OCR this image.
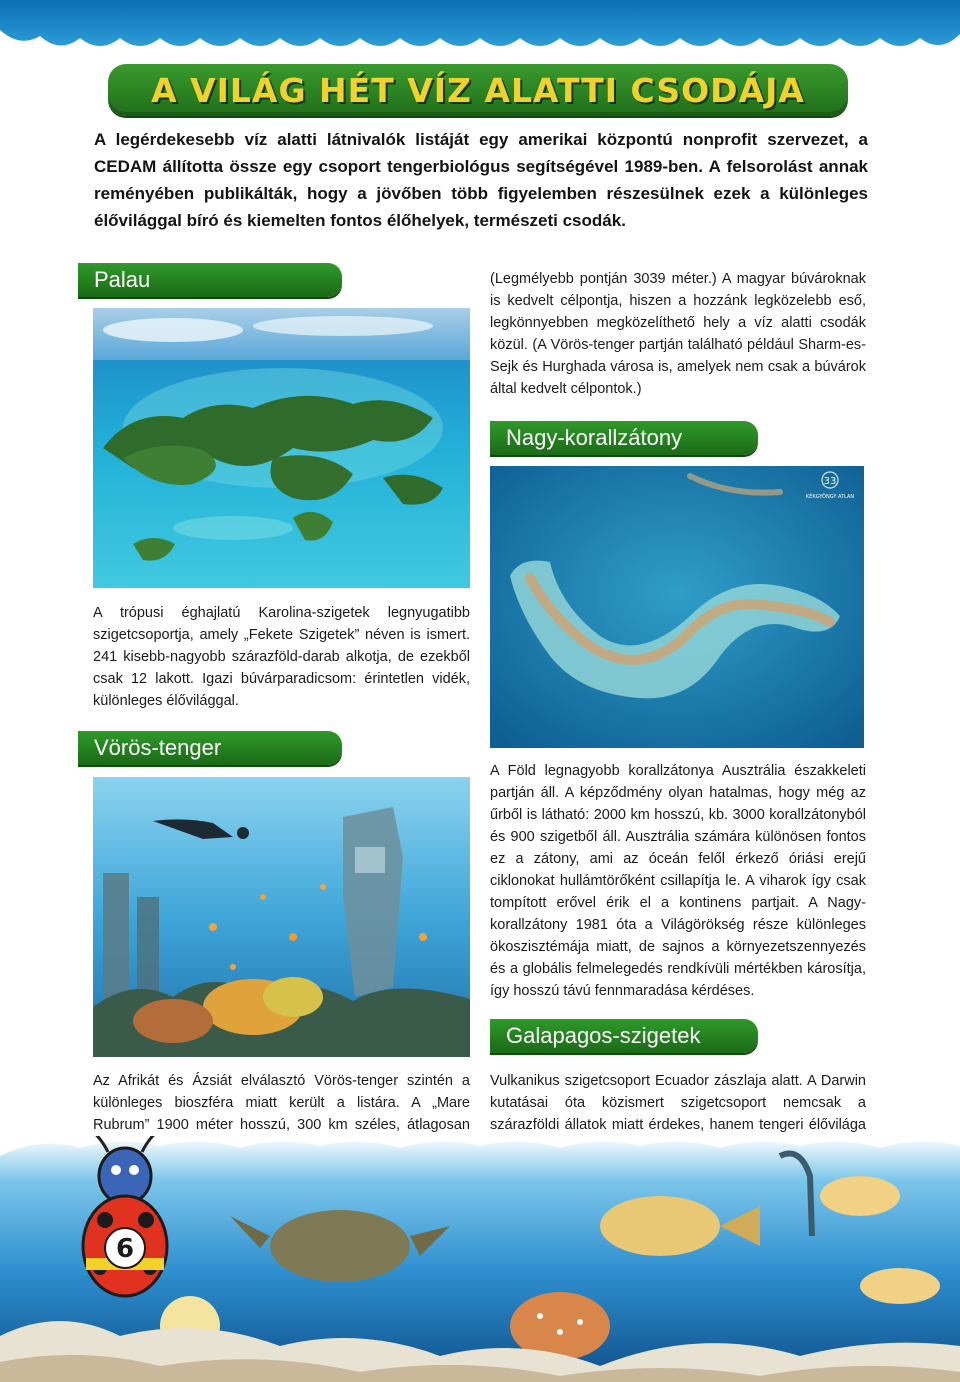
A VILÁG HÉT VÍZ ALATTI CSODÁJA
A legérdekesebb víz alatti látnivalók listáját egy amerikai központú nonprofit szervezet, a CEDAM állította össze egy csoport tengerbiológus segítségével 1989-ben. A felsorolást annak reményében publikálták, hogy a jövőben több figyelemben részesülnek ezek a különleges élővilággal bíró és kiemelten fontos élőhelyek, természeti csodák.
Palau
A trópusi éghajlatú Karolina-szigetek legnyugatibb szigetcsoportja, amely „Fekete Szigetek” néven is ismert. 241 kisebb-nagyobb szárazföld-darab alkotja, de ezekből csak 12 lakott. Igazi búvárparadicsom: érintetlen vidék, különleges élővilággal.
Vörös-tenger
Az Afrikát és Ázsiát elválasztó Vörös-tenger szintén a különleges bioszféra miatt került a listára. A „Mare Rubrum” 1900 méter hosszú, 300 km széles, átlagosan
(Legmélyebb pontján 3039 méter.) A magyar búvároknak is kedvelt célpontja, hiszen a hozzánk legközelebb eső, legkönnyebben megközelíthető hely a víz alatti csodák közül. (A Vörös-tenger partján található például Sharm-es-Sejk és Hurghada városa is, amelyek nem csak a búvárok által kedvelt célpontok.)
Nagy-korallzátony
33
KÉKGYÖNGY ATLAN
A Föld legnagyobb korallzátonya Ausztrália északkeleti partján áll. A képződmény olyan hatalmas, hogy még az űrből is látható: 2000 km hosszú, kb. 3000 korallzátonyból és 900 szigetből áll. Ausztrália számára különösen fontos ez a zátony, ami az óceán felől érkező óriási erejű ciklonokat hullámtörőként csillapítja le. A viharok így csak tompított erővel érik el a kontinens partjait. A Nagy-korallzátony 1981 óta a Világörökség része különleges ökoszisztémája miatt, de sajnos a környezetszennyezés és a globális felmelegedés rendkívüli mértékben károsítja, így hosszú távú fennmaradása kérdéses.
Galapagos-szigetek
Vulkanikus szigetcsoport Ecuador zászlaja alatt. A Darwin kutatásai óta közismert szigetcsoport nemcsak a szárazföldi állatok miatt érdekes, hanem tengeri élővilága
6
